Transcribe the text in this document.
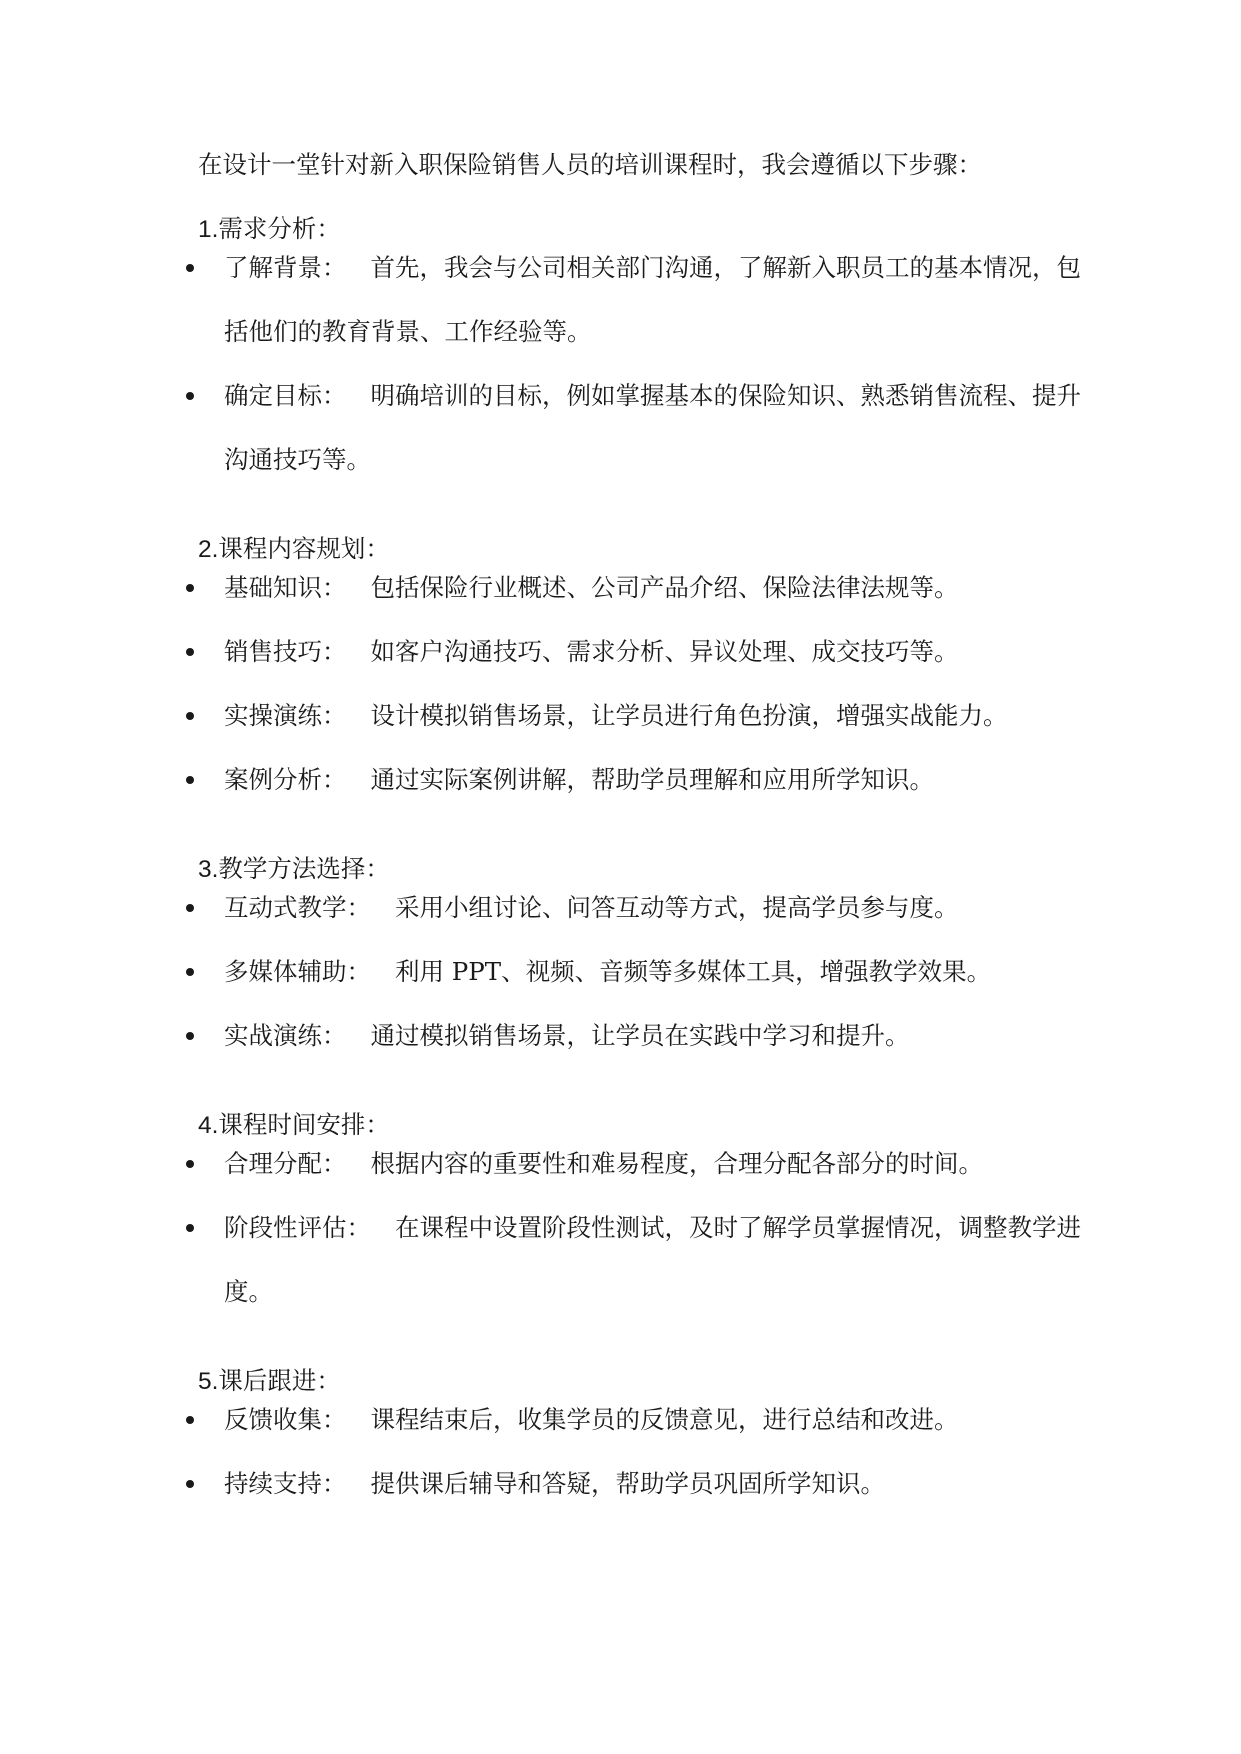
在设计一堂针对新入职保险销售人员的培训课程时，我会遵循以下步骤：
1.需求分析：
了解背景： 首先，我会与公司相关部门沟通，了解新入职员工的基本情况，包括他们的教育背景、工作经验等。
确定目标： 明确培训的目标，例如掌握基本的保险知识、熟悉销售流程、提升沟通技巧等。
2.课程内容规划：
基础知识： 包括保险行业概述、公司产品介绍、保险法律法规等。
销售技巧： 如客户沟通技巧、需求分析、异议处理、成交技巧等。
实操演练： 设计模拟销售场景，让学员进行角色扮演，增强实战能力。
案例分析： 通过实际案例讲解，帮助学员理解和应用所学知识。
3.教学方法选择：
互动式教学： 采用小组讨论、问答互动等方式，提高学员参与度。
多媒体辅助： 利用 PPT、视频、音频等多媒体工具，增强教学效果。
实战演练： 通过模拟销售场景，让学员在实践中学习和提升。
4.课程时间安排：
合理分配： 根据内容的重要性和难易程度，合理分配各部分的时间。
阶段性评估： 在课程中设置阶段性测试，及时了解学员掌握情况，调整教学进度。
5.课后跟进：
反馈收集： 课程结束后，收集学员的反馈意见，进行总结和改进。
持续支持： 提供课后辅导和答疑，帮助学员巩固所学知识。
